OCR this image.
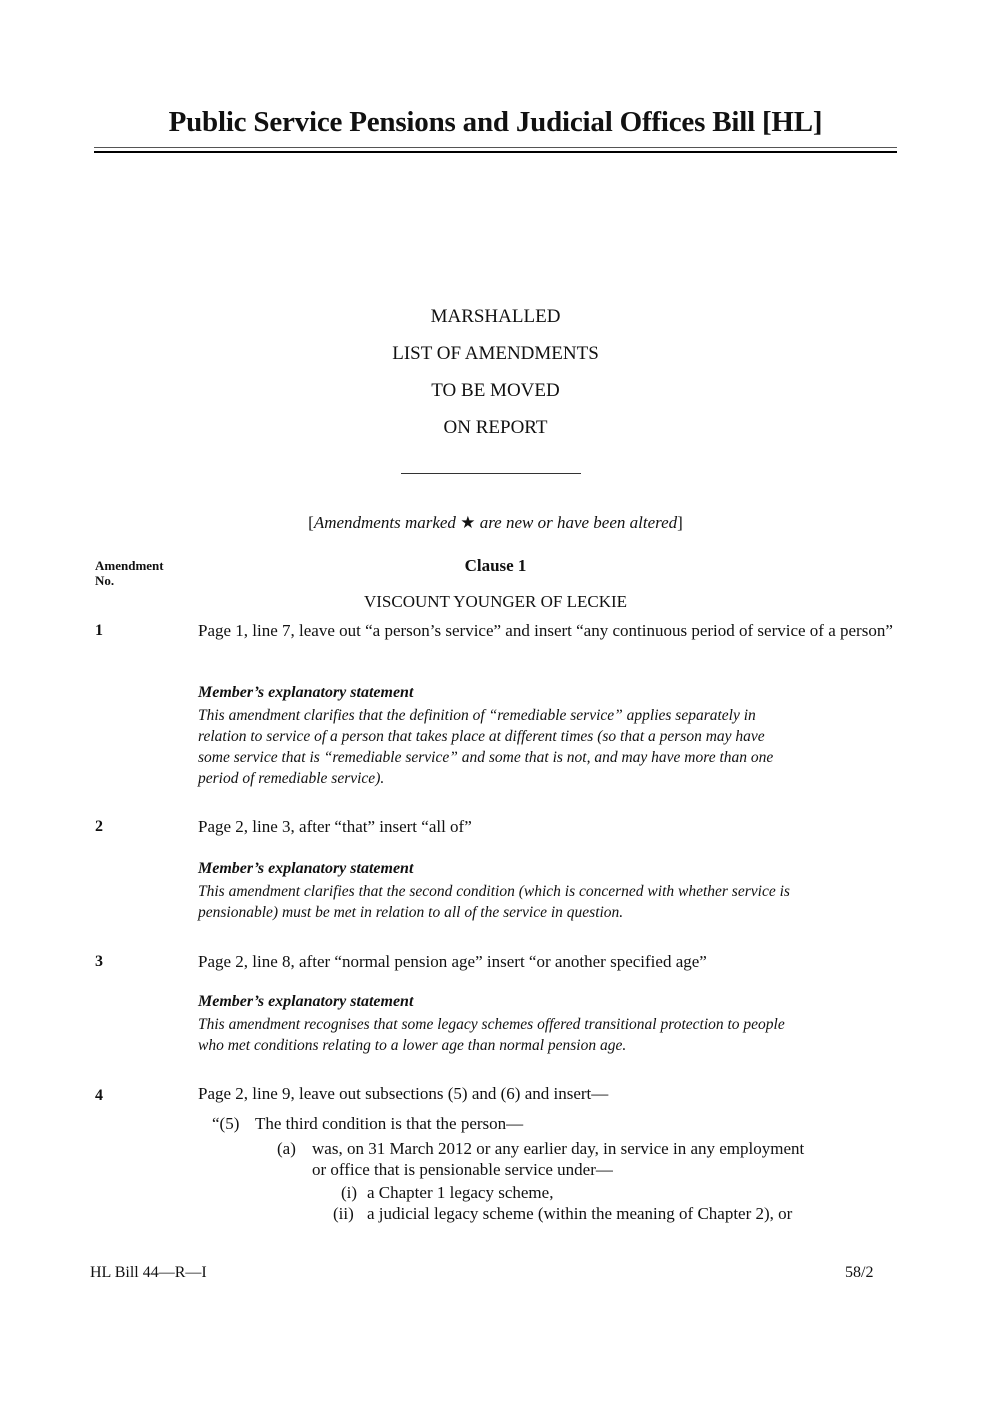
Public Service Pensions and Judicial Offices Bill [HL]
MARSHALLED
LIST OF AMENDMENTS
TO BE MOVED
ON REPORT
[Amendments marked ★ are new or have been altered]
Amendment
No.
Clause 1
VISCOUNT YOUNGER OF LECKIE
1	Page 1, line 7, leave out “a person’s service” and insert “any continuous period of service of a person”
Member’s explanatory statement
This amendment clarifies that the definition of “remediable service” applies separately in
relation to service of a person that takes place at different times (so that a person may have
some service that is “remediable service” and some that is not, and may have more than one
period of remediable service).
2	Page 2, line 3, after “that” insert “all of”
Member’s explanatory statement
This amendment clarifies that the second condition (which is concerned with whether service is
pensionable) must be met in relation to all of the service in question.
3	Page 2, line 8, after “normal pension age” insert “or another specified age”
Member’s explanatory statement
This amendment recognises that some legacy schemes offered transitional protection to people
who met conditions relating to a lower age than normal pension age.
4	Page 2, line 9, leave out subsections (5) and (6) and insert—
“(5) The third condition is that the person—
(a) was, on 31 March 2012 or any earlier day, in service in any employment
or office that is pensionable service under—
(i) a Chapter 1 legacy scheme,
(ii) a judicial legacy scheme (within the meaning of Chapter 2), or
HL Bill 44—R—I	58/2
